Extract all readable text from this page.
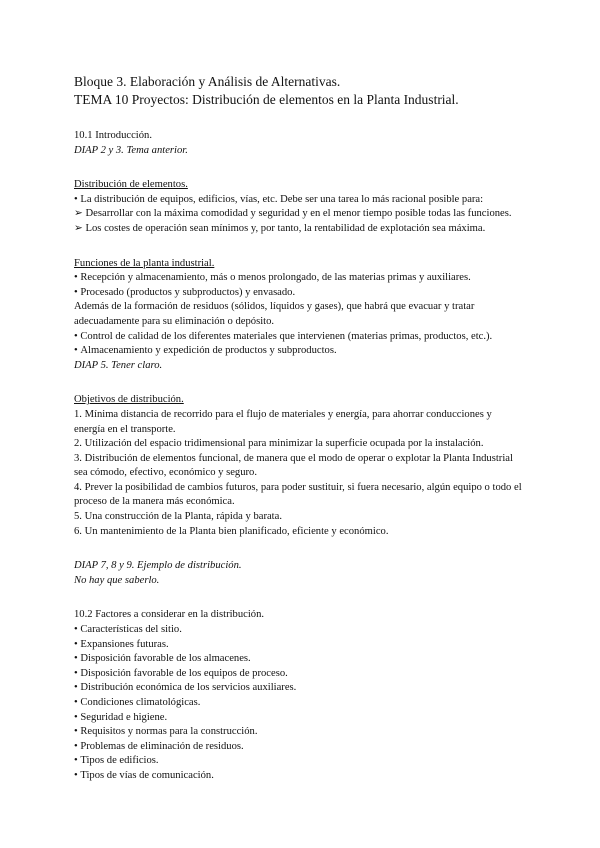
Bloque 3. Elaboración y Análisis de Alternativas.

TEMA 10 Proyectos: Distribución de elementos en la Planta Industrial.

10.1 Introducción.

DIAP 2 y 3. Tema anterior.

Distribución de elementos.

• La distribución de equipos, edificios, vías, etc. Debe ser una tarea lo más racional posible para:

➢ Desarrollar con la máxima comodidad y seguridad y en el menor tiempo posible todas las funciones.

➢ Los costes de operación sean mínimos y, por tanto, la rentabilidad de explotación sea máxima.

Funciones de la planta industrial.

• Recepción y almacenamiento, más o menos prolongado, de las materias primas y auxiliares.

• Procesado (productos y subproductos) y envasado.

Además de la formación de residuos (sólidos, líquidos y gases), que habrá que evacuar y tratar adecuadamente para su eliminación o depósito.

• Control de calidad de los diferentes materiales que intervienen (materias primas, productos, etc.).

• Almacenamiento y expedición de productos y subproductos.

DIAP 5. Tener claro.

Objetivos de distribución.

1. Mínima distancia de recorrido para el flujo de materiales y energía, para ahorrar conducciones y energía en el transporte.

2. Utilización del espacio tridimensional para minimizar la superficie ocupada por la instalación.

3. Distribución de elementos funcional, de manera que el modo de operar o explotar la Planta Industrial sea cómodo, efectivo, económico y seguro.

4. Prever la posibilidad de cambios futuros, para poder sustituir, si fuera necesario, algún equipo o todo el proceso de la manera más económica.

5. Una construcción de la Planta, rápida y barata.

6. Un mantenimiento de la Planta bien planificado, eficiente y económico.

DIAP 7, 8 y 9. Ejemplo de distribución.

No hay que saberlo.

10.2 Factores a considerar en la distribución.

• Características del sitio.

• Expansiones futuras.

• Disposición favorable de los almacenes.

• Disposición favorable de los equipos de proceso.

• Distribución económica de los servicios auxiliares.

• Condiciones climatológicas.

• Seguridad e higiene.

• Requisitos y normas para la construcción.

• Problemas de eliminación de residuos.

• Tipos de edificios.

• Tipos de vías de comunicación.
